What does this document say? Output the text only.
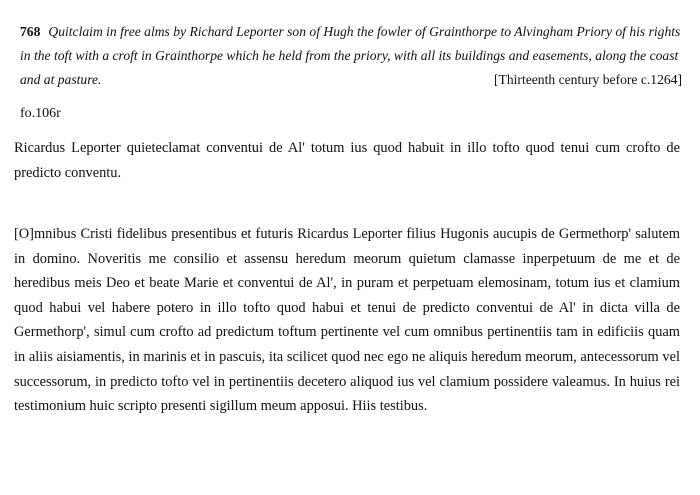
768 Quitclaim in free alms by Richard Leporter son of Hugh the fowler of Grainthorpe to Alvingham Priory of his rights in the toft with a croft in Grainthorpe which he held from the priory, with all its buildings and easements, along the coast and at pasture.	[Thirteenth century before c.1264]
fo.106r

Ricardus Leporter quieteclamat conventui de Al' totum ius quod habuit in illo tofto quod tenui cum crofto de predicto conventu.

[O]mnibus Cristi fidelibus presentibus et futuris Ricardus Leporter filius Hugonis aucupis de Germethorp' salutem in domino. Noveritis me consilio et assensu heredum meorum quietum clamasse inperpetuum de me et de heredibus meis Deo et beate Marie et conventui de Al', in puram et perpetuam elemosinam, totum ius et clamium quod habui vel habere potero in illo tofto quod habui et tenui de predicto conventui de Al' in dicta villa de Germethorp', simul cum crofto ad predictum toftum pertinente vel cum omnibus pertinentiis tam in edificiis quam in aliis aisiamentis, in marinis et in pascuis, ita scilicet quod nec ego ne aliquis heredum meorum, antecessorum vel successorum, in predicto tofto vel in pertinentiis decetero aliquod ius vel clamium possidere valeamus. In huius rei testimonium huic scripto presenti sigillum meum apposui. Hiis testibus.
